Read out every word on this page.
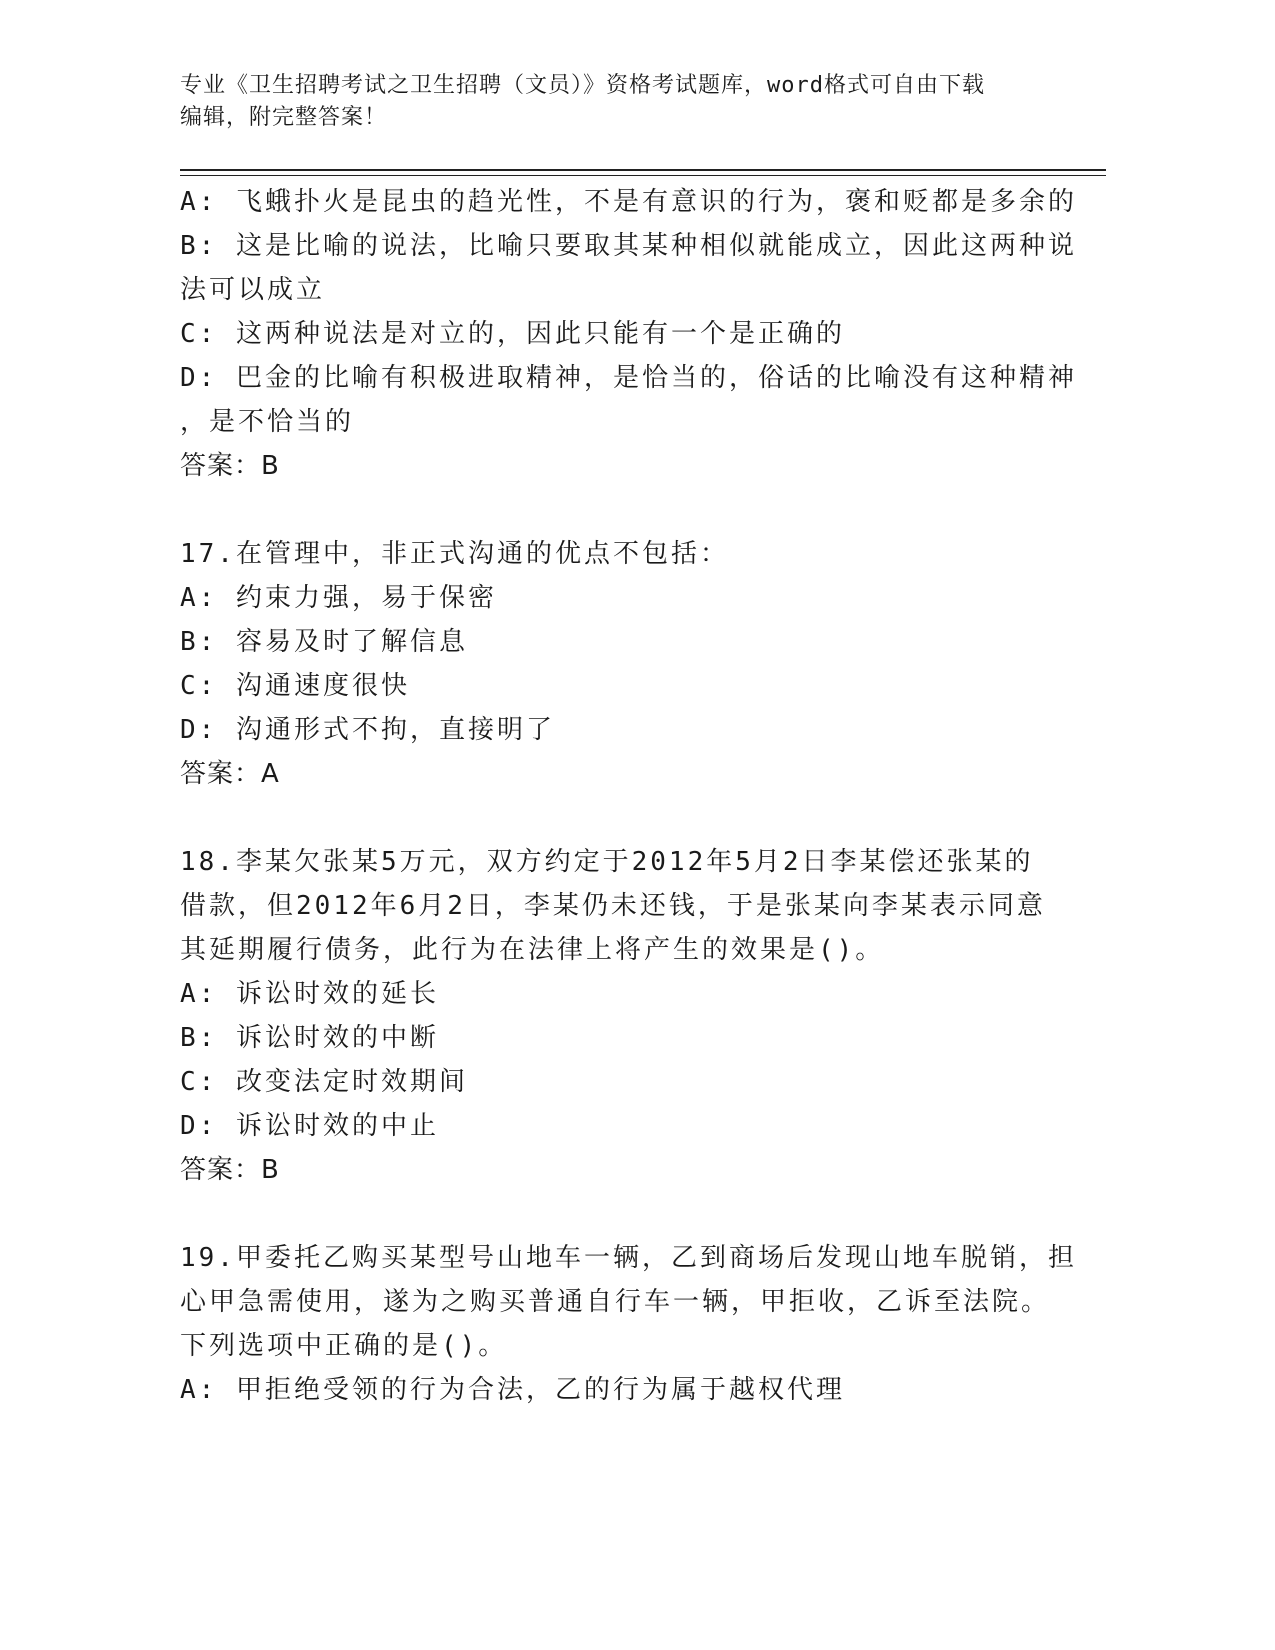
专业《卫生招聘考试之卫生招聘（文员）》资格考试题库，word格式可自由下载
编辑，附完整答案！
A: 飞蛾扑火是昆虫的趋光性，不是有意识的行为，褒和贬都是多余的
B: 这是比喻的说法，比喻只要取其某种相似就能成立，因此这两种说
法可以成立
C: 这两种说法是对立的，因此只能有一个是正确的
D: 巴金的比喻有积极进取精神，是恰当的，俗话的比喻没有这种精神
，是不恰当的
答案：B
17.在管理中，非正式沟通的优点不包括：
A: 约束力强，易于保密
B: 容易及时了解信息
C: 沟通速度很快
D: 沟通形式不拘，直接明了
答案：A
18.李某欠张某5万元，双方约定于2012年5月2日李某偿还张某的
借款，但2012年6月2日，李某仍未还钱，于是张某向李某表示同意
其延期履行债务，此行为在法律上将产生的效果是()。
A: 诉讼时效的延长
B: 诉讼时效的中断
C: 改变法定时效期间
D: 诉讼时效的中止
答案：B
19.甲委托乙购买某型号山地车一辆，乙到商场后发现山地车脱销，担
心甲急需使用，遂为之购买普通自行车一辆，甲拒收，乙诉至法院。
下列选项中正确的是()。
A: 甲拒绝受领的行为合法，乙的行为属于越权代理
